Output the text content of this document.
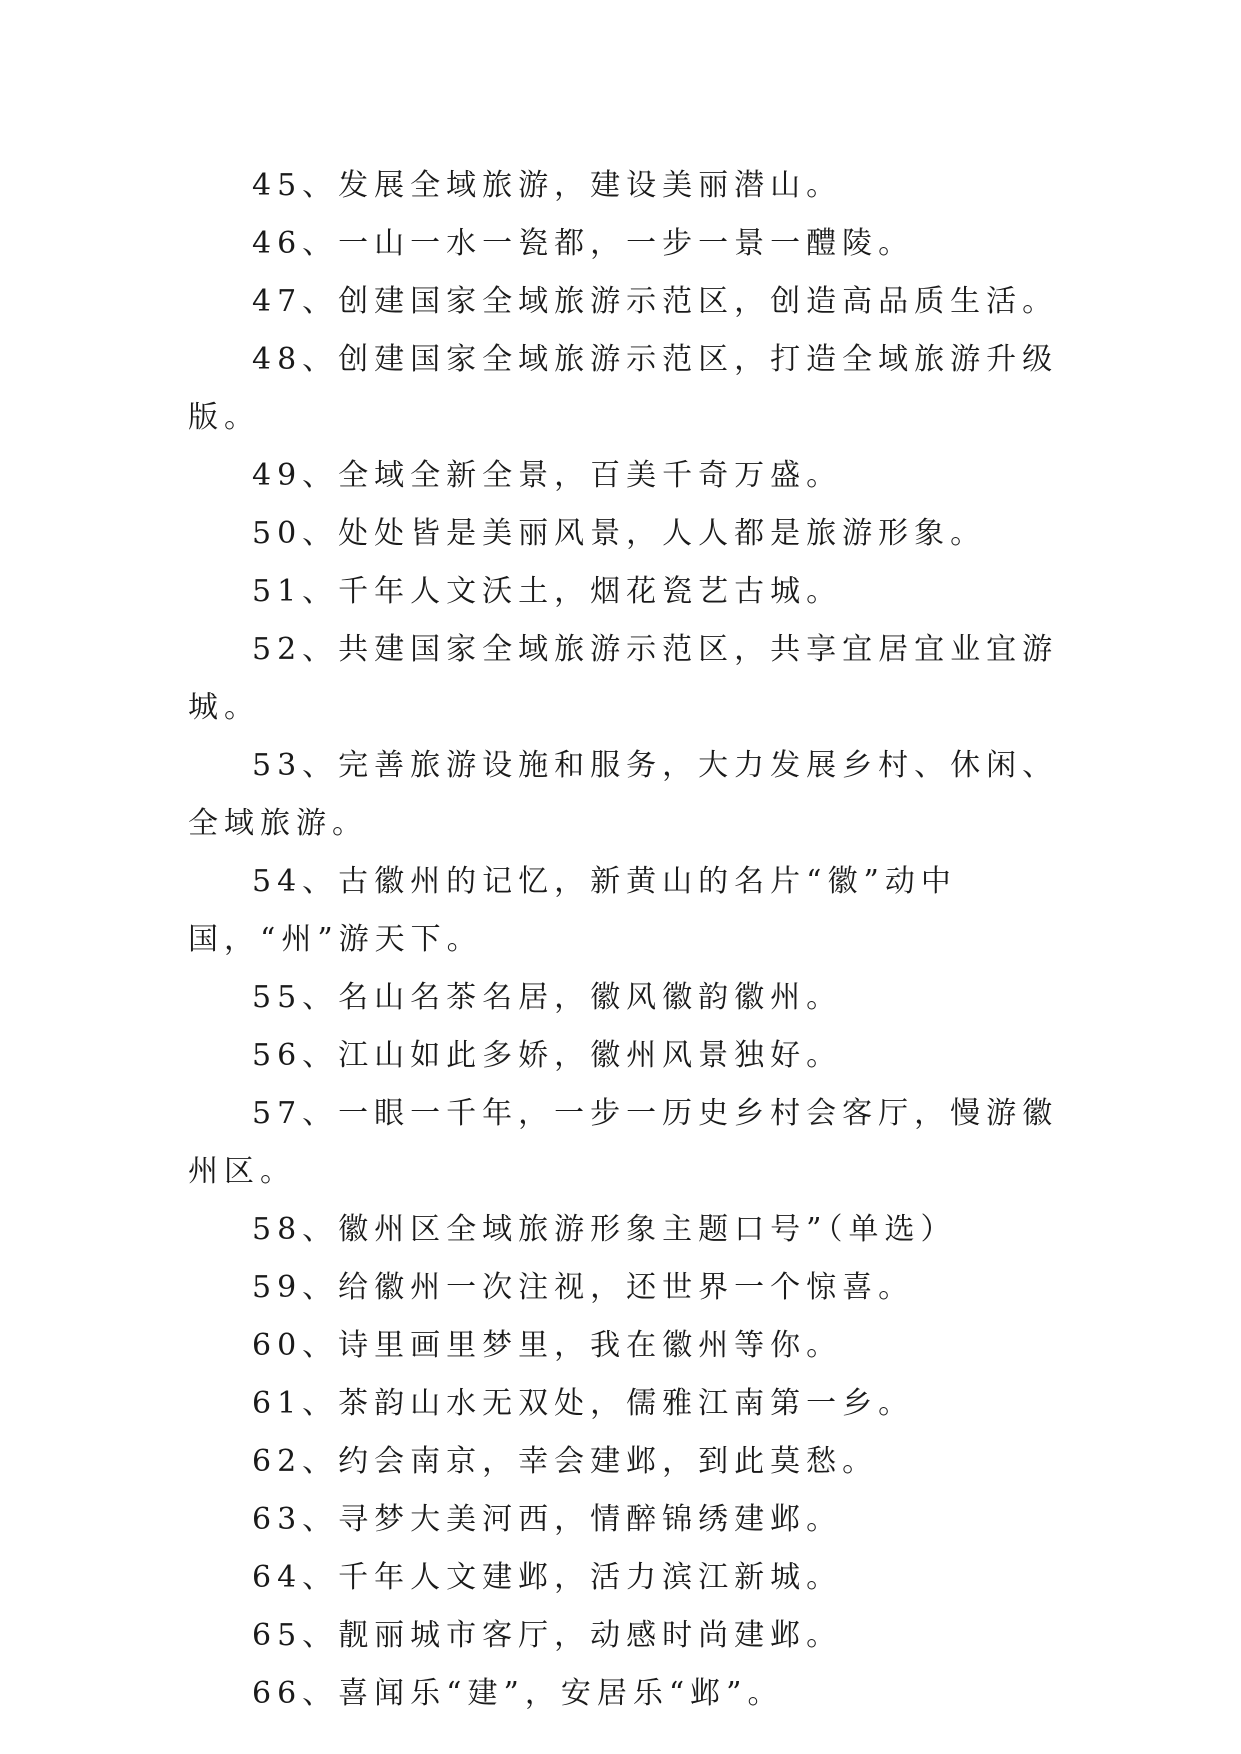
45、发展全域旅游，建设美丽潜山。

46、一山一水一瓷都，一步一景一醴陵。

47、创建国家全域旅游示范区，创造高品质生活。

48、创建国家全域旅游示范区，打造全域旅游升级版。

49、全域全新全景，百美千奇万盛。

50、处处皆是美丽风景，人人都是旅游形象。

51、千年人文沃土，烟花瓷艺古城。

52、共建国家全域旅游示范区，共享宜居宜业宜游城。

53、完善旅游设施和服务，大力发展乡村、休闲、全域旅游。

54、古徽州的记忆，新黄山的名片“徽”动中国，“州”游天下。

55、名山名茶名居，徽风徽韵徽州。

56、江山如此多娇，徽州风景独好。

57、一眼一千年，一步一历史乡村会客厅，慢游徽州区。

58、徽州区全域旅游形象主题口号”（单选）

59、给徽州一次注视，还世界一个惊喜。

60、诗里画里梦里，我在徽州等你。

61、茶韵山水无双处，儒雅江南第一乡。

62、约会南京，幸会建邺，到此莫愁。

63、寻梦大美河西，情醉锦绣建邺。

64、千年人文建邺，活力滨江新城。

65、靓丽城市客厅，动感时尚建邺。

66、喜闻乐“建”，安居乐“邺”。
